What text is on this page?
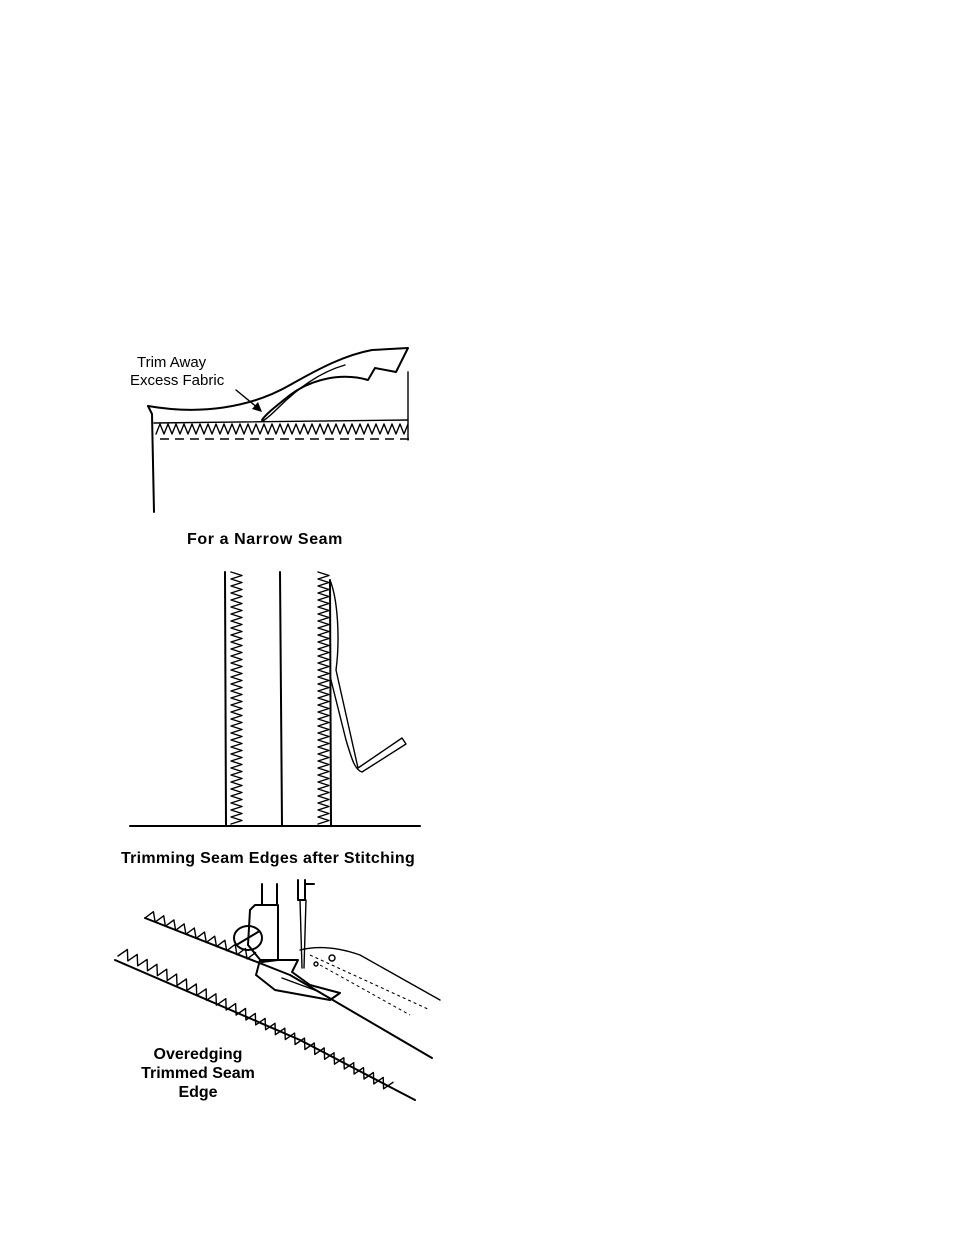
Trim Away
Excess Fabric
For a Narrow Seam
Trimming Seam Edges after Stitching
Overedging
Trimmed Seam
Edge
